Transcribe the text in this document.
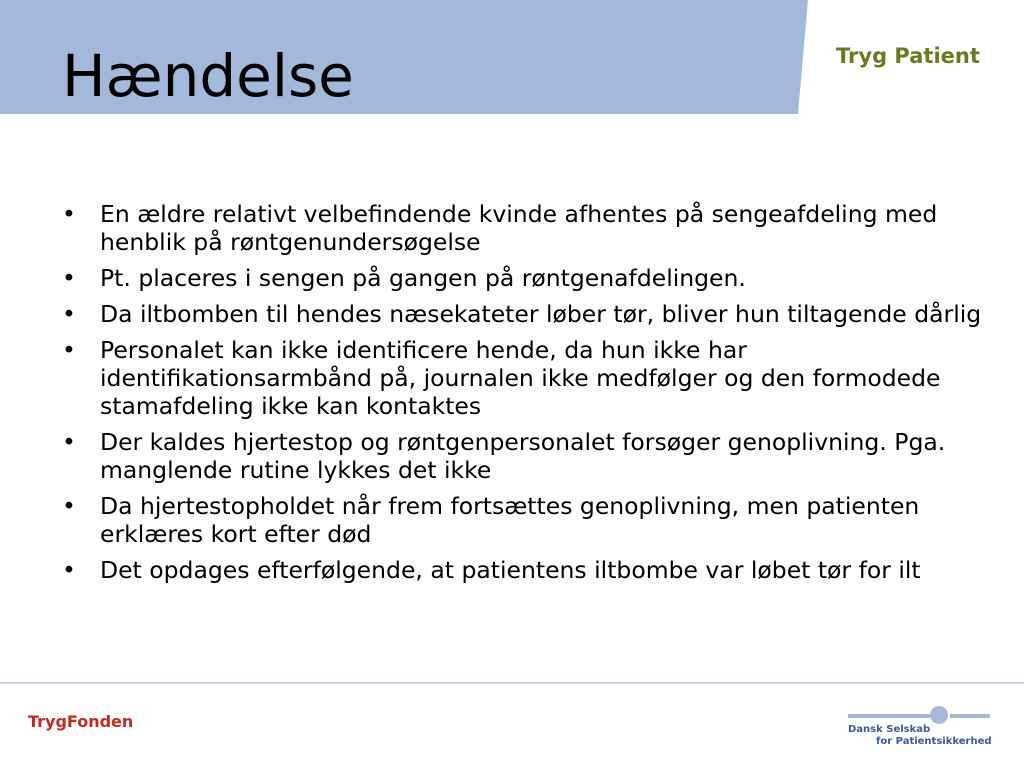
Hændelse	Tryg Patient
• En ældre relativt velbefindende kvinde afhentes på sengeafdeling med henblik på røntgenundersøgelse
• Pt. placeres i sengen på gangen på røntgenafdelingen.
• Da iltbomben til hendes næsekateter løber tør, bliver hun tiltagende dårlig
• Personalet kan ikke identificere hende, da hun ikke har identifikationsarmbånd på, journalen ikke medfølger og den formodede stamafdeling ikke kan kontaktes
• Der kaldes hjertestop og røntgenpersonalet forsøger genoplivning. Pga. manglende rutine lykkes det ikke
• Da hjertestopholdet når frem fortsættes genoplivning, men patienten erklæres kort efter død
• Det opdages efterfølgende, at patientens iltbombe var løbet tør for ilt
TrygFonden	Dansk Selskab
for Patientsikkerhed
